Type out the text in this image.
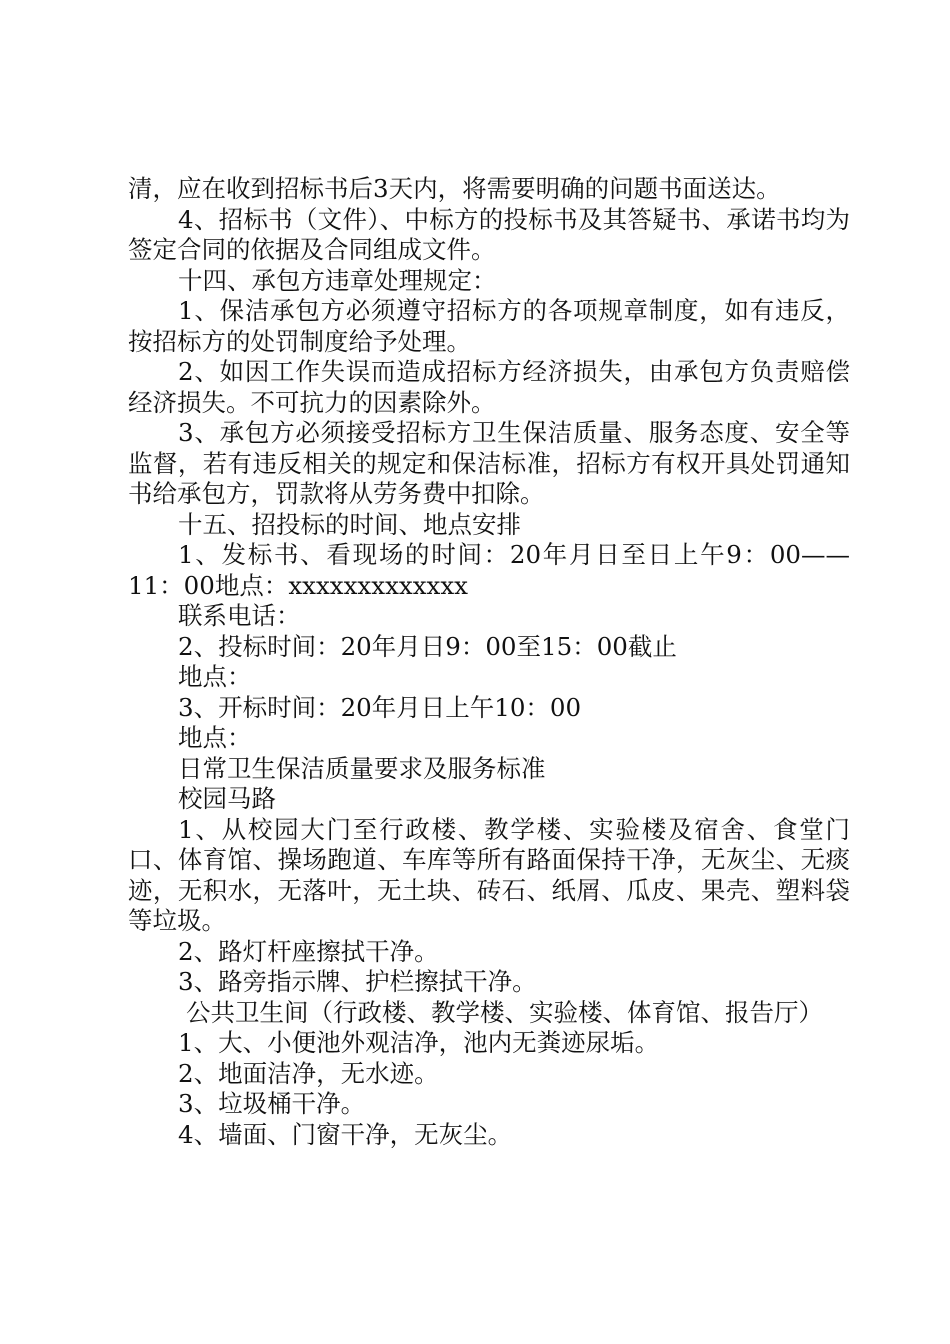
清，应在收到招标书后3天内，将需要明确的问题书面送达。

4、招标书（文件）、中标方的投标书及其答疑书、承诺书均为签定合同的依据及合同组成文件。

十四、承包方违章处理规定：

1、保洁承包方必须遵守招标方的各项规章制度，如有违反，按招标方的处罚制度给予处理。

2、如因工作失误而造成招标方经济损失，由承包方负责赔偿经济损失。不可抗力的因素除外。

3、承包方必须接受招标方卫生保洁质量、服务态度、安全等监督，若有违反相关的规定和保洁标准，招标方有权开具处罚通知书给承包方，罚款将从劳务费中扣除。

十五、招投标的时间、地点安排

1、发标书、看现场的时间：20年月日至日上午9：00——11：00地点：xxxxxxxxxxxxx

联系电话：

2、投标时间：20年月日9：00至15：00截止

地点：

3、开标时间：20年月日上午10：00

地点：

日常卫生保洁质量要求及服务标准

校园马路

1、从校园大门至行政楼、教学楼、实验楼及宿舍、食堂门口、体育馆、操场跑道、车库等所有路面保持干净，无灰尘、无痰迹，无积水，无落叶，无土块、砖石、纸屑、瓜皮、果壳、塑料袋等垃圾。

2、路灯杆座擦拭干净。

3、路旁指示牌、护栏擦拭干净。

公共卫生间（行政楼、教学楼、实验楼、体育馆、报告厅）

1、大、小便池外观洁净，池内无粪迹尿垢。

2、地面洁净，无水迹。

3、垃圾桶干净。

4、墙面、门窗干净，无灰尘。
